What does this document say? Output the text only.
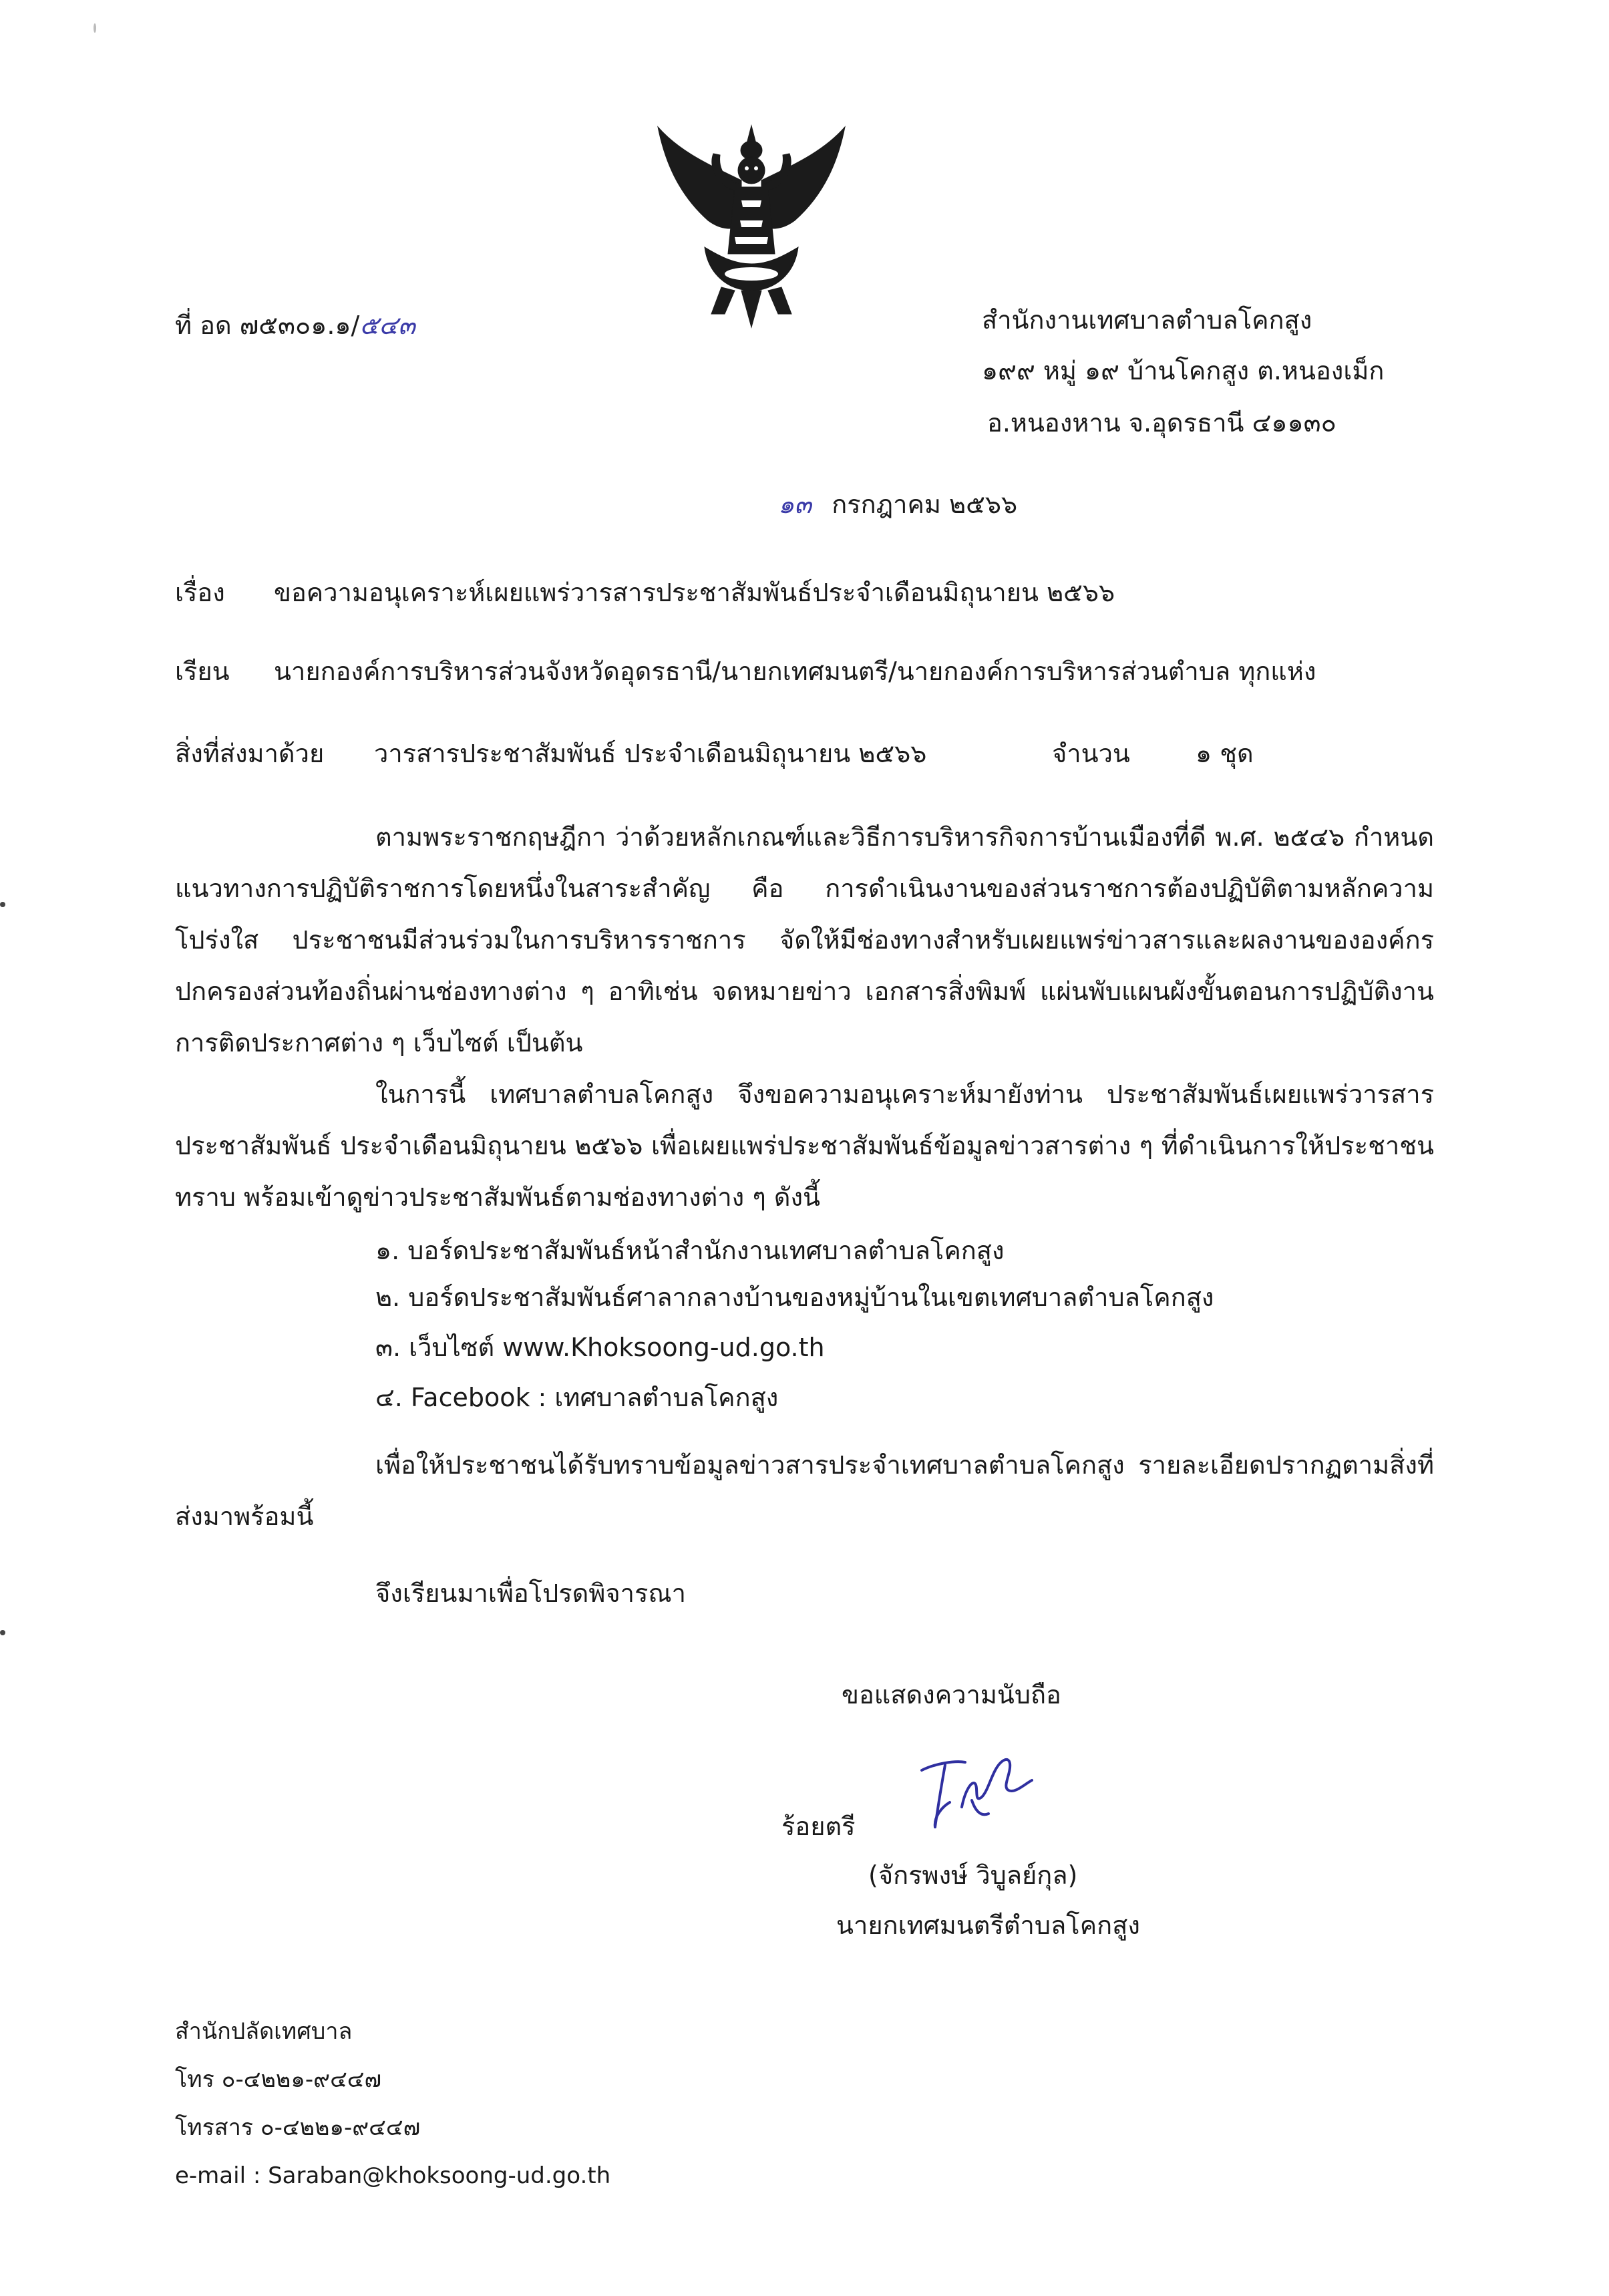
ที่ อด ๗๕๓๐๑.๑/๕๔๓	สำนักงานเทศบาลตำบลโคกสูง
๑๙๙ หมู่ ๑๙ บ้านโคกสูง ต.หนองเม็ก
อ.หนองหาน จ.อุดรธานี ๔๑๑๓๐
๑๓ กรกฎาคม ๒๕๖๖
เรื่อง ขอความอนุเคราะห์เผยแพร่วารสารประชาสัมพันธ์ประจำเดือนมิถุนายน ๒๕๖๖
เรียน นายกองค์การบริหารส่วนจังหวัดอุดรธานี/นายกเทศมนตรี/นายกองค์การบริหารส่วนตำบล ทุกแห่ง
สิ่งที่ส่งมาด้วย วารสารประชาสัมพันธ์ ประจำเดือนมิถุนายน ๒๕๖๖	จำนวน	๑ ชุด
ตามพระราชกฤษฎีกา ว่าด้วยหลักเกณฑ์และวิธีการบริหารกิจการบ้านเมืองที่ดี พ.ศ. ๒๕๔๖ กำหนดแนวทางการปฏิบัติราชการโดยหนึ่งในสาระสำคัญ คือ การดำเนินงานของส่วนราชการต้องปฏิบัติตามหลักความโปร่งใส ประชาชนมีส่วนร่วมในการบริหารราชการ จัดให้มีช่องทางสำหรับเผยแพร่ข่าวสารและผลงานขององค์กรปกครองส่วนท้องถิ่นผ่านช่องทางต่าง ๆ อาทิเช่น จดหมายข่าว เอกสารสิ่งพิมพ์ แผ่นพับแผนผังขั้นตอนการปฏิบัติงาน การติดประกาศต่าง ๆ เว็บไซต์ เป็นต้น
ในการนี้ เทศบาลตำบลโคกสูง จึงขอความอนุเคราะห์มายังท่าน ประชาสัมพันธ์เผยแพร่วารสารประชาสัมพันธ์ ประจำเดือนมิถุนายน ๒๕๖๖ เพื่อเผยแพร่ประชาสัมพันธ์ข้อมูลข่าวสารต่าง ๆ ที่ดำเนินการให้ประชาชนทราบ พร้อมเข้าดูข่าวประชาสัมพันธ์ตามช่องทางต่าง ๆ ดังนี้
๑. บอร์ดประชาสัมพันธ์หน้าสำนักงานเทศบาลตำบลโคกสูง
๒. บอร์ดประชาสัมพันธ์ศาลากลางบ้านของหมู่บ้านในเขตเทศบาลตำบลโคกสูง
๓. เว็บไซต์ www.Khoksoong-ud.go.th
๔. Facebook : เทศบาลตำบลโคกสูง
เพื่อให้ประชาชนได้รับทราบข้อมูลข่าวสารประจำเทศบาลตำบลโคกสูง รายละเอียดปรากฏตามสิ่งที่ส่งมาพร้อมนี้
จึงเรียนมาเพื่อโปรดพิจารณา
ขอแสดงความนับถือ
ร้อยตรี
(จักรพงษ์ วิบูลย์กุล)
นายกเทศมนตรีตำบลโคกสูง
สำนักปลัดเทศบาล
โทร ๐-๔๒๒๑-๙๔๔๗
โทรสาร ๐-๔๒๒๑-๙๔๔๗
e-mail : Saraban@khoksoong-ud.go.th
